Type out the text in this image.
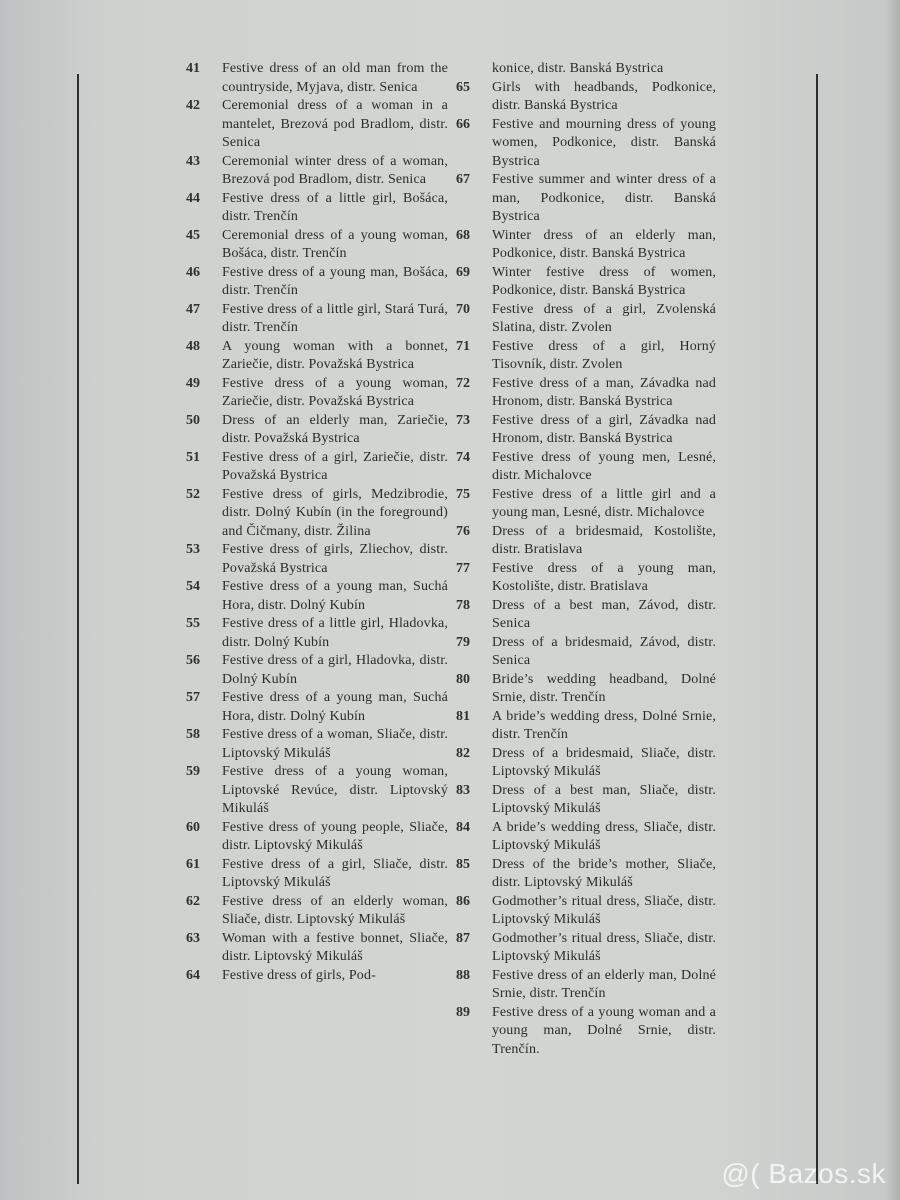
41	Festive dress of an old man from the countryside, Myjava, distr. Senica
42	Ceremonial dress of a woman in a mantelet, Brezová pod Bradlom, distr. Senica
43	Ceremonial winter dress of a woman, Brezová pod Bradlom, distr. Senica
44	Festive dress of a little girl, Bošáca, distr. Trenčín
45	Ceremonial dress of a young woman, Bošáca, distr. Trenčín
46	Festive dress of a young man, Bošáca, distr. Trenčín
47	Festive dress of a little girl, Stará Turá, distr. Trenčín
48	A young woman with a bonnet, Zariečie, distr. Považská Bystrica
49	Festive dress of a young woman, Zariečie, distr. Považská Bystrica
50	Dress of an elderly man, Zariečie, distr. Považská Bystrica
51	Festive dress of a girl, Zariečie, distr. Považská Bystrica
52	Festive dress of girls, Medzibrodie, distr. Dolný Kubín (in the foreground) and Čičmany, distr. Žilina
53	Festive dress of girls, Zliechov, distr. Považská Bystrica
54	Festive dress of a young man, Suchá Hora, distr. Dolný Kubín
55	Festive dress of a little girl, Hladovka, distr. Dolný Kubín
56	Festive dress of a girl, Hladovka, distr. Dolný Kubín
57	Festive dress of a young man, Suchá Hora, distr. Dolný Kubín
58	Festive dress of a woman, Sliače, distr. Liptovský Mikuláš
59	Festive dress of a young woman, Liptovské Revúce, distr. Liptovský Mikuláš
60	Festive dress of young people, Sliače, distr. Liptovský Mikuláš
61	Festive dress of a girl, Sliače, distr. Liptovský Mikuláš
62	Festive dress of an elderly woman, Sliače, distr. Liptovský Mikuláš
63	Woman with a festive bonnet, Sliače, distr. Liptovský Mikuláš
64	Festive dress of girls, Pod-
konice, distr. Banská Bystrica
65	Girls with headbands, Podkonice, distr. Banská Bystrica
66	Festive and mourning dress of young women, Podkonice, distr. Banská Bystrica
67	Festive summer and winter dress of a man, Podkonice, distr. Banská Bystrica
68	Winter dress of an elderly man, Podkonice, distr. Banská Bystrica
69	Winter festive dress of women, Podkonice, distr. Banská Bystrica
70	Festive dress of a girl, Zvolenská Slatina, distr. Zvolen
71	Festive dress of a girl, Horný Tisovník, distr. Zvolen
72	Festive dress of a man, Závadka nad Hronom, distr. Banská Bystrica
73	Festive dress of a girl, Závadka nad Hronom, distr. Banská Bystrica
74	Festive dress of young men, Lesné, distr. Michalovce
75	Festive dress of a little girl and a young man, Lesné, distr. Michalovce
76	Dress of a bridesmaid, Kostolište, distr. Bratislava
77	Festive dress of a young man, Kostolište, distr. Bratislava
78	Dress of a best man, Závod, distr. Senica
79	Dress of a bridesmaid, Závod, distr. Senica
80	Bride’s wedding headband, Dolné Srnie, distr. Trenčín
81	A bride’s wedding dress, Dolné Srnie, distr. Trenčín
82	Dress of a bridesmaid, Sliače, distr. Liptovský Mikuláš
83	Dress of a best man, Sliače, distr. Liptovský Mikuláš
84	A bride’s wedding dress, Sliače, distr. Liptovský Mikuláš
85	Dress of the bride’s mother, Sliače, distr. Liptovský Mikuláš
86	Godmother’s ritual dress, Sliače, distr. Liptovský Mikuláš
87	Godmother’s ritual dress, Sliače, distr. Liptovský Mikuláš
88	Festive dress of an elderly man, Dolné Srnie, distr. Trenčín
89	Festive dress of a young woman and a young man, Dolné Srnie, distr. Trenčín.
@( Bazos.sk
